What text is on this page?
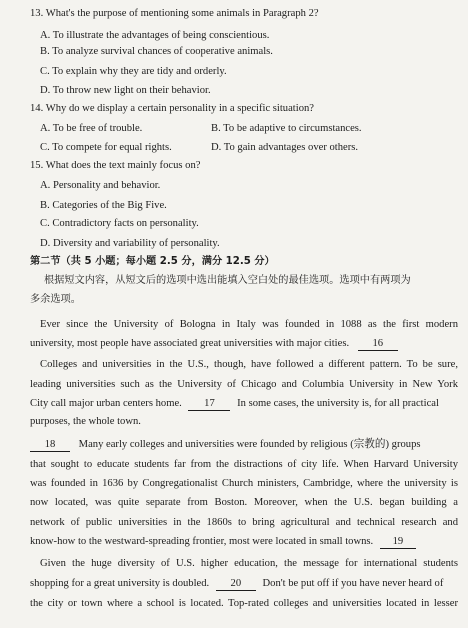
13. What's the purpose of mentioning some animals in Paragraph 2?
A. To illustrate the advantages of being conscientious.
B. To analyze survival chances of cooperative animals.
C. To explain why they are tidy and orderly.
D. To throw new light on their behavior.
14. Why do we display a certain personality in a specific situation?
A. To be free of trouble.	B. To be adaptive to circumstances.
C. To compete for equal rights.	D. To gain advantages over others.
15. What does the text mainly focus on?
A. Personality and behavior.
B. Categories of the Big Five.
C. Contradictory facts on personality.
D. Diversity and variability of personality.
第二节（共 5 小题；每小题 2.5 分，满分 12.5 分）
根据短文内容，从短文后的选项中选出能填入空白处的最佳选项。选项中有两项为
多余选项。
Ever since the University of Bologna in Italy was founded in 1088 as the first modern
university, most people have associated great universities with major cities. 16
Colleges and universities in the U.S., though, have followed a different pattern. To be sure,
leading universities such as the University of Chicago and Columbia University in New York
City call major urban centers home. 17 In some cases, the university is, for all practical
purposes, the whole town.
18 Many early colleges and universities were founded by religious (宗教的) groups
that sought to educate students far from the distractions of city life. When Harvard University
was founded in 1636 by Congregationalist Church ministers, Cambridge, where the university is
now located, was quite separate from Boston. Moreover, when the U.S. began building a
network of public universities in the 1860s to bring agricultural and technical research and
know-how to the westward-spreading frontier, most were located in small towns. 19
Given the huge diversity of U.S. higher education, the message for international students
shopping for a great university is doubled. 20 Don't be put off if you have never heard of
the city or town where a school is located. Top-rated colleges and universities located in lesser
